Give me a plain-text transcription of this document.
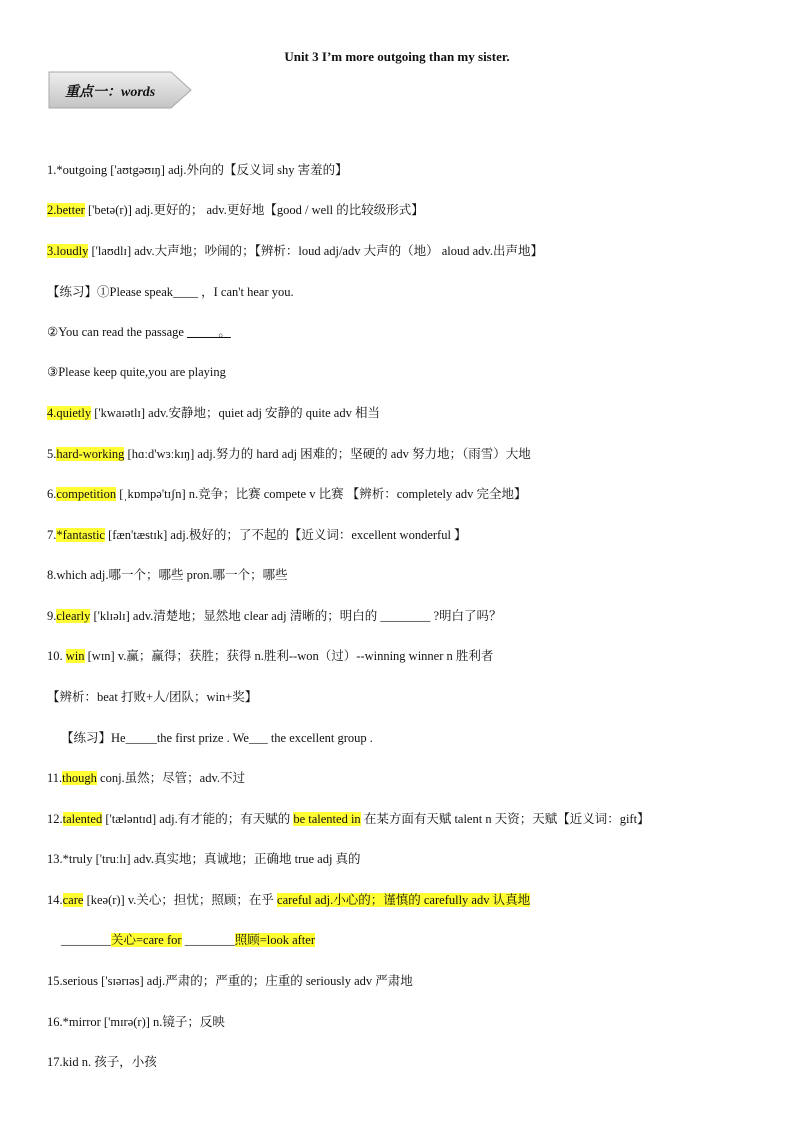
Unit 3 I’m more outgoing than my sister.
重点一：words
1.*outgoing ['aʊtgəʊɪŋ] adj.外向的【反义词 shy 害羞的】
2.better ['betə(r)] adj.更好的； adv.更好地【good / well 的比较级形式】
3.loudly ['laʊdlɪ] adv.大声地；吵闹的；【辨析：loud adj/adv 大声的（地） aloud adv.出声地】
【练习】①Please speak____ ，I can't hear you.
②You can read the passage _____。
③Please keep quite,you are playing
4.quietly ['kwaɪətlɪ] adv.安静地；quiet adj 安静的 quite adv 相当
5.hard-working [hɑːd'wɜːkɪŋ] adj.努力的 hard adj 困难的；坚硬的 adv 努力地；（雨雪）大地
6.competition [ˌkɒmpə'tɪʃn] n.竞争；比赛 compete v 比赛 【辨析：completely adv 完全地】
7.*fantastic [fæn'tæstɪk] adj.极好的；了不起的【近义词：excellent wonderful 】
8.which adj.哪一个；哪些 pron.哪一个；哪些
9.clearly ['klɪəlɪ] adv.清楚地；显然地 clear adj 清晰的；明白的 ________ ?明白了吗？
10. win [wɪn] v.赢；赢得；获胜；获得 n.胜利--won（过）--winning winner n 胜利者
【辨析：beat 打败+人/团队；win+奖】
【练习】He_____the first prize . We___ the excellent group .
11.though conj.虽然；尽管；adv.不过
12.talented ['tæləntɪd] adj.有才能的；有天赋的 be talented in 在某方面有天赋 talent n 天资；天赋【近义词：gift】
13.*truly ['truːlɪ] adv.真实地；真诚地；正确地 true adj 真的
14.care [keə(r)] v.关心；担忧；照顾；在乎 careful adj.小心的；谨慎的 carefully adv 认真地
________关心=care for ________照顾=look after
15.serious ['sɪərɪəs] adj.严肃的；严重的；庄重的 seriously adv 严肃地
16.*mirror ['mɪrə(r)] n.镜子；反映
17.kid n. 孩子，小孩
